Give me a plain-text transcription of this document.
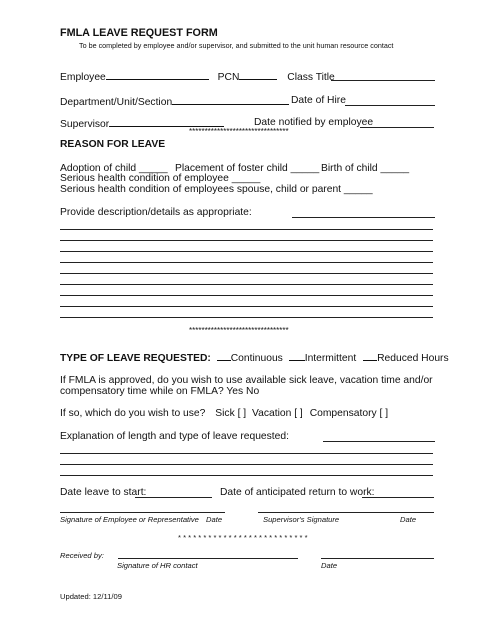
FMLA LEAVE REQUEST FORM
To be completed by employee and/or supervisor, and submitted to the unit human resource contact
Employee	PCN	Class Title
Department/Unit/Section	Date of Hire
Supervisor	Date notified by employee
********************************
REASON FOR LEAVE
Adoption of child _____ Placement of foster child _____ Birth of child _____
Serious health condition of employee _____
Serious health condition of employees spouse, child or parent _____
Provide description/details as appropriate:
********************************
TYPE OF LEAVE REQUESTED: Continuous Intermittent Reduced Hours
If FMLA is approved, do you wish to use available sick leave, vacation time and/or
compensatory time while on FMLA? Yes No
If so, which do you wish to use? Sick [ ] Vacation [ ] Compensatory [ ]
Explanation of length and type of leave requested:
Date leave to start:	Date of anticipated return to work:
Signature of Employee or Representative Date	Supervisor's Signature	Date
* * * * * * * * * * * * * * * * * * * * * * * * * *
Received by:
Signature of HR contact	Date
Updated: 12/11/09
